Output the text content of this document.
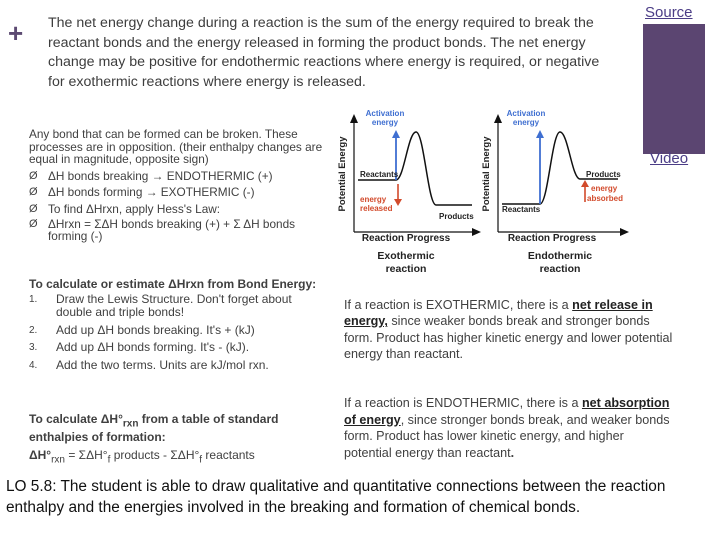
+ The net energy change during a reaction is the sum of the energy required to break the reactant bonds and the energy released in forming the product bonds. The net energy change may be positive for endothermic reactions where energy is required, or negative for exothermic reactions where energy is released.
Source
Video
Any bond that can be formed can be broken. These processes are in opposition. (their enthalpy changes are equal in magnitude, opposite sign)
Ø ΔH bonds breaking → ENDOTHERMIC (+)
Ø ΔH bonds forming → EXOTHERMIC (-)
Ø To find ΔHrxn, apply Hess's Law:
Ø ΔHrxn = ΣΔH bonds breaking (+) + Σ ΔH bonds forming (-)
To calculate or estimate ΔHrxn from Bond Energy:
1. Draw the Lewis Structure. Don't forget about double and triple bonds!
2. Add up ΔH bonds breaking. It's + (kJ)
3. Add up ΔH bonds forming. It's - (kJ).
4. Add the two terms. Units are kJ/mol rxn.
To calculate $\Delta H^\circ_{rxn}$ from a table of standard enthalpies of formation:
$\Delta H^\circ_{rxn} = \Sigma\Delta H^\circ_f$ products - $\Sigma\Delta H^\circ_f$ reactants
Activation
energy
Potential Energy Reactants
energy
released
Products
Reaction Progress
Exothermic
reaction
Activation
energy
Potential Energy	Products
energy
absorbed
Reactants
Reaction Progress
Endothermic
reaction
If a reaction is EXOTHERMIC, there is a net release in energy, since weaker bonds break and stronger bonds form. Product has higher kinetic energy and lower potential energy than reactant.
If a reaction is ENDOTHERMIC, there is a net absorption of energy, since stronger bonds break, and weaker bonds form. Product has lower kinetic energy, and higher potential energy than reactant.
LO 5.8: The student is able to draw qualitative and quantitative connections between the reaction enthalpy and the energies involved in the breaking and formation of chemical bonds.
